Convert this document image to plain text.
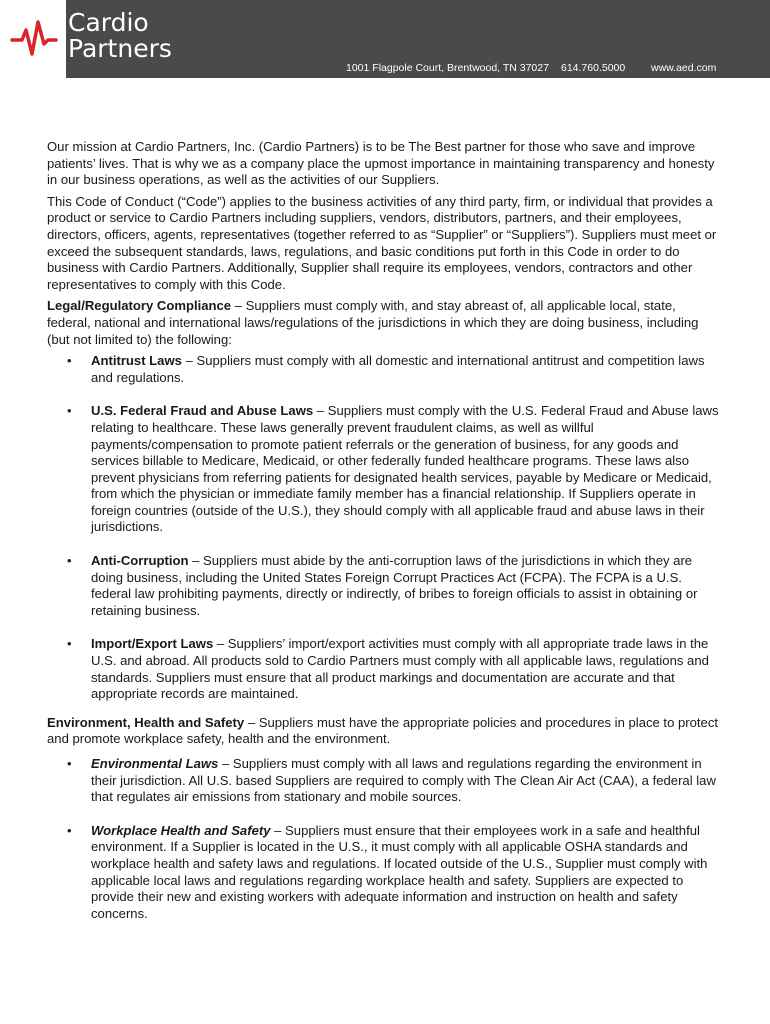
Cardio
Partners
1001 Flagpole Court, Brentwood, TN 37027 614.760.5000 www.aed.com

Our mission at Cardio Partners, Inc. (Cardio Partners) is to be The Best partner for those who save and improve patients’ lives. That is why we as a company place the upmost importance in maintaining transparency and honesty in our business operations, as well as the activities of our Suppliers.

This Code of Conduct (“Code”) applies to the business activities of any third party, firm, or individual that provides a product or service to Cardio Partners including suppliers, vendors, distributors, partners, and their employees, directors, officers, agents, representatives (together referred to as “Supplier” or “Suppliers”). Suppliers must meet or exceed the subsequent standards, laws, regulations, and basic conditions put forth in this Code in order to do business with Cardio Partners. Additionally, Supplier shall require its employees, vendors, contractors and other representatives to comply with this Code.

Legal/Regulatory Compliance – Suppliers must comply with, and stay abreast of, all applicable local, state, federal, national and international laws/regulations of the jurisdictions in which they are doing business, including (but not limited to) the following:

• Antitrust Laws – Suppliers must comply with all domestic and international antitrust and competition laws and regulations.
• U.S. Federal Fraud and Abuse Laws – Suppliers must comply with the U.S. Federal Fraud and Abuse laws relating to healthcare. These laws generally prevent fraudulent claims, as well as willful payments/compensation to promote patient referrals or the generation of business, for any goods and services billable to Medicare, Medicaid, or other federally funded healthcare programs. These laws also prevent physicians from referring patients for designated health services, payable by Medicare or Medicaid, from which the physician or immediate family member has a financial relationship. If Suppliers operate in foreign countries (outside of the U.S.), they should comply with all applicable fraud and abuse laws in their jurisdictions.
• Anti-Corruption – Suppliers must abide by the anti-corruption laws of the jurisdictions in which they are doing business, including the United States Foreign Corrupt Practices Act (FCPA). The FCPA is a U.S. federal law prohibiting payments, directly or indirectly, of bribes to foreign officials to assist in obtaining or retaining business.
• Import/Export Laws – Suppliers’ import/export activities must comply with all appropriate trade laws in the U.S. and abroad. All products sold to Cardio Partners must comply with all applicable laws, regulations and standards. Suppliers must ensure that all product markings and documentation are accurate and that appropriate records are maintained.

Environment, Health and Safety – Suppliers must have the appropriate policies and procedures in place to protect and promote workplace safety, health and the environment.

• Environmental Laws – Suppliers must comply with all laws and regulations regarding the environment in their jurisdiction. All U.S. based Suppliers are required to comply with The Clean Air Act (CAA), a federal law that regulates air emissions from stationary and mobile sources.
• Workplace Health and Safety – Suppliers must ensure that their employees work in a safe and healthful environment. If a Supplier is located in the U.S., it must comply with all applicable OSHA standards and workplace health and safety laws and regulations. If located outside of the U.S., Supplier must comply with applicable local laws and regulations regarding workplace health and safety. Suppliers are expected to provide their new and existing workers with adequate information and instruction on health and safety concerns.
